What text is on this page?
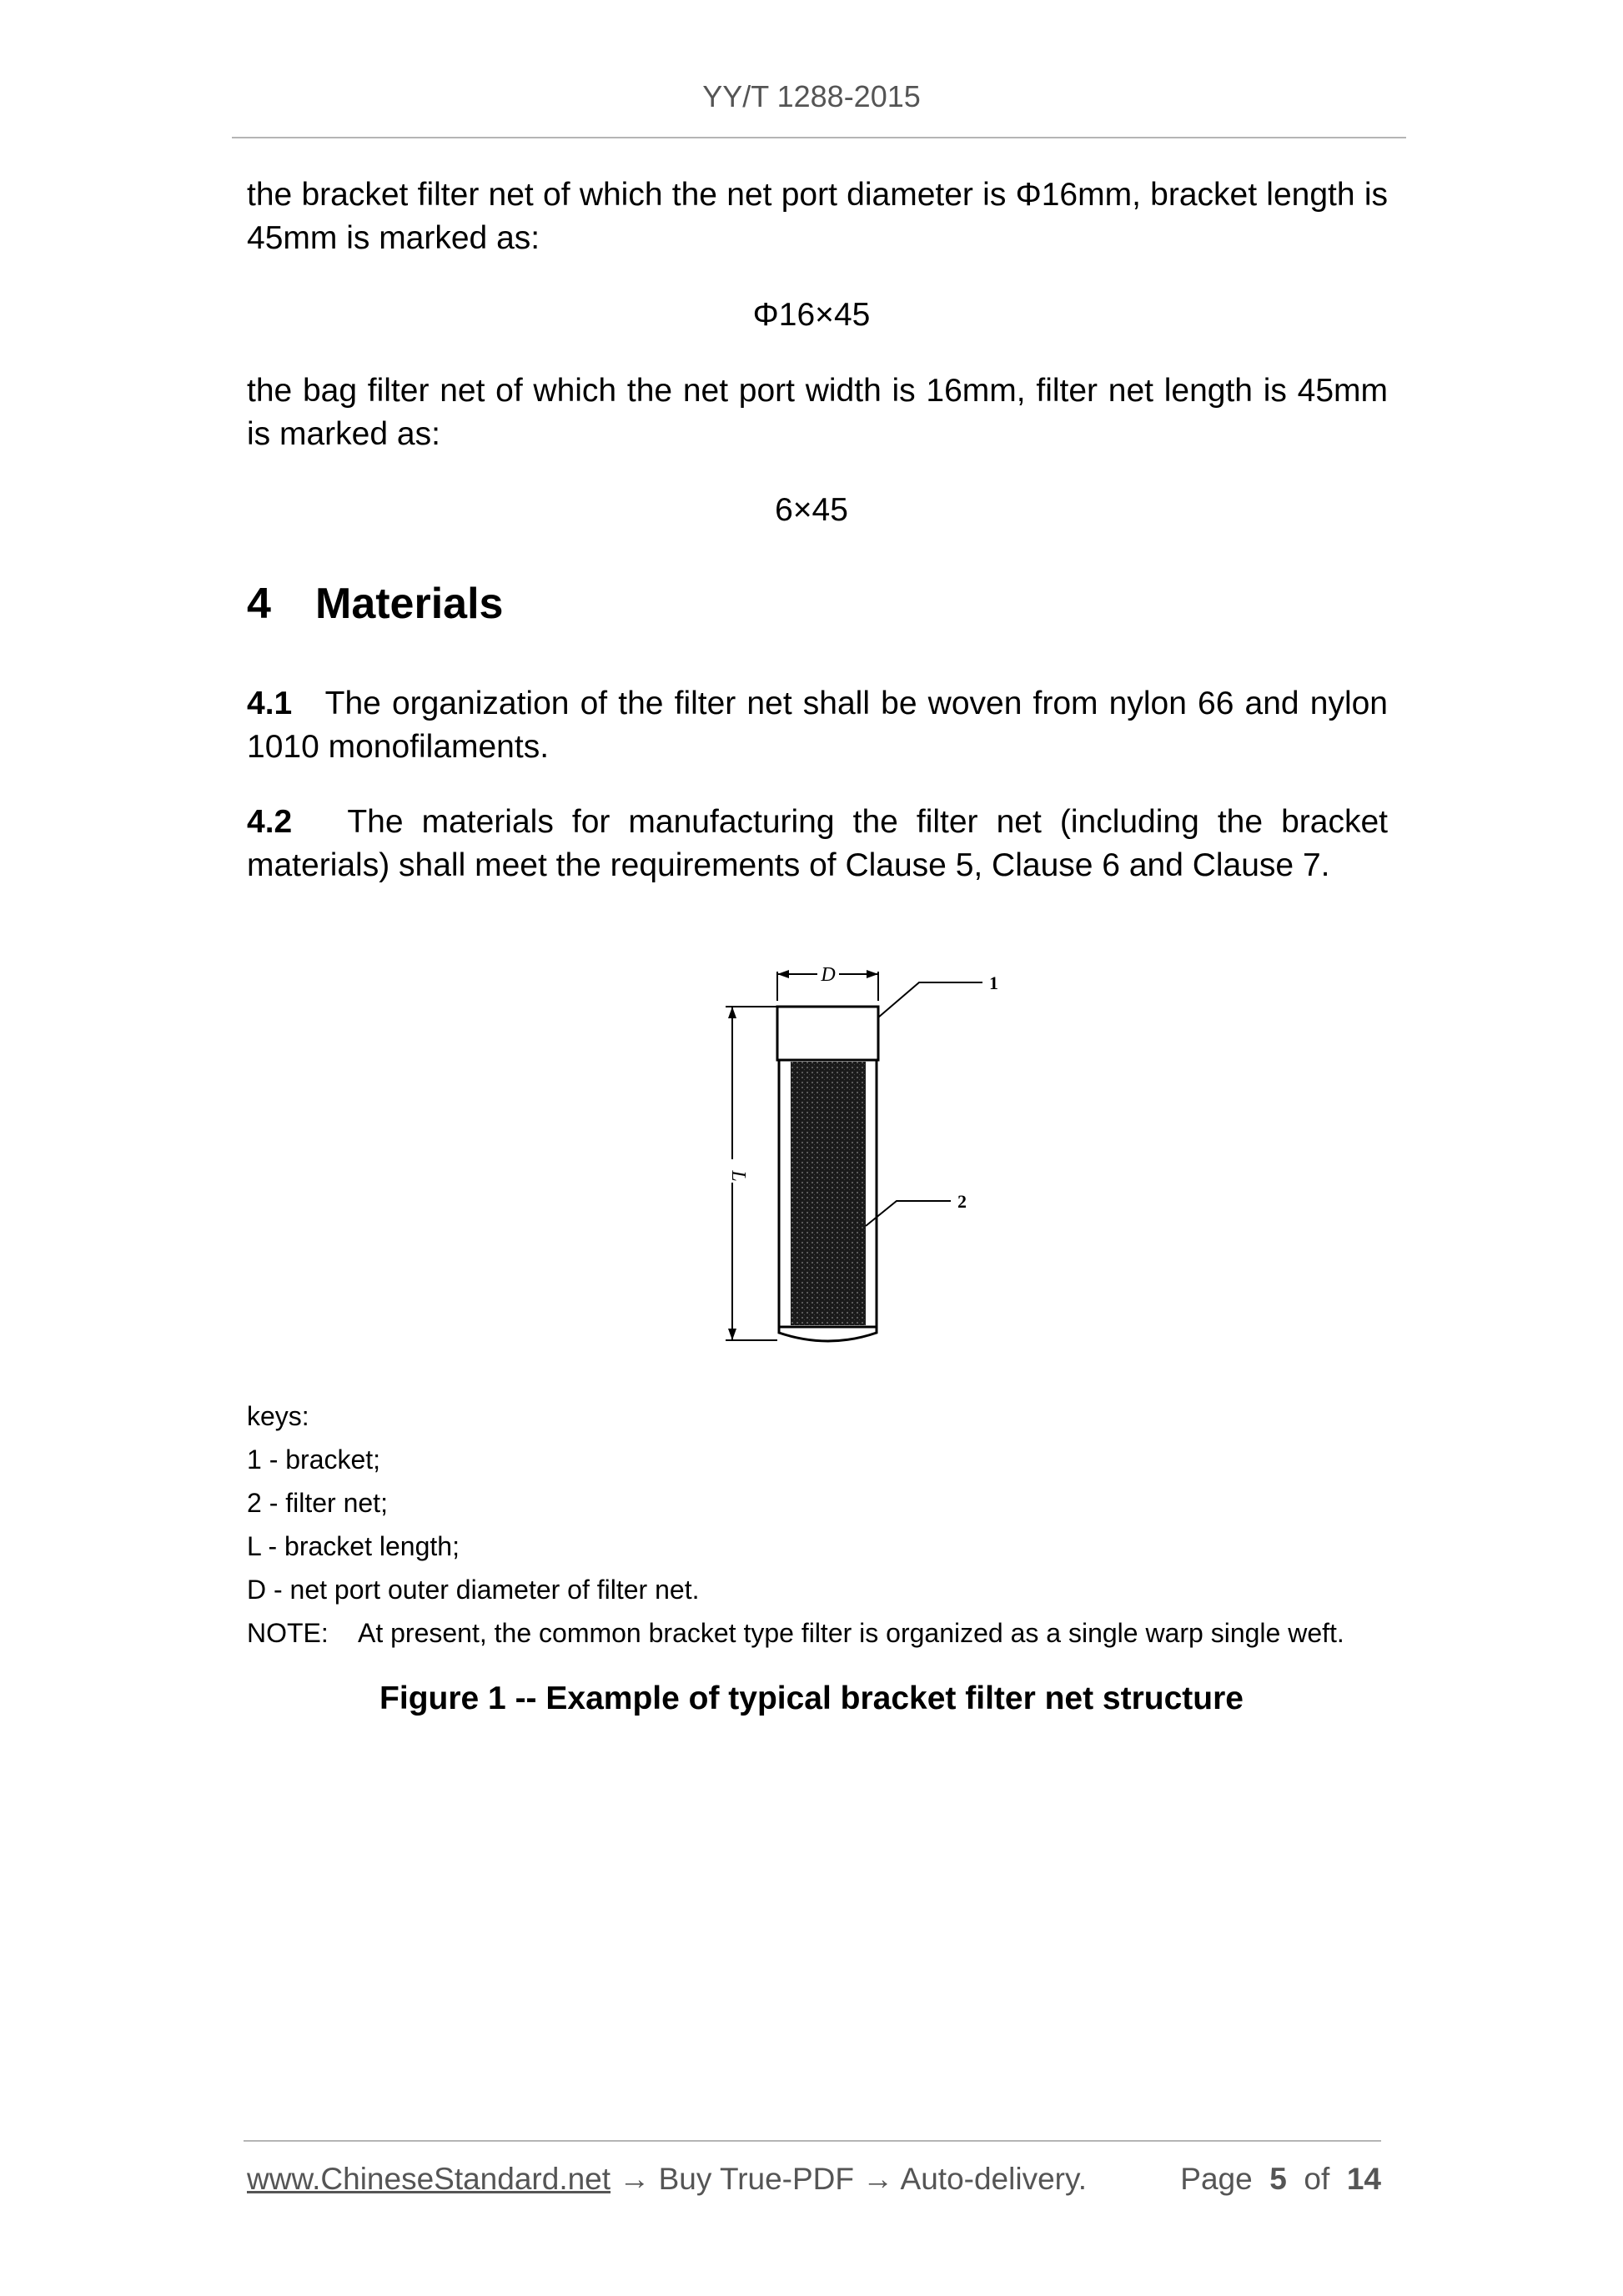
YY/T 1288-2015
the bracket filter net of which the net port diameter is Φ16mm, bracket length is 45mm is marked as:
Φ16×45
the bag filter net of which the net port width is 16mm, filter net length is 45mm is marked as:
6×45
4 Materials
4.1 The organization of the filter net shall be woven from nylon 66 and nylon 1010 monofilaments.
4.2 The materials for manufacturing the filter net (including the bracket materials) shall meet the requirements of Clause 5, Clause 6 and Clause 7.
D
L
1
2
keys:
1 - bracket;
2 - filter net;
L - bracket length;
D - net port outer diameter of filter net.
NOTE: At present, the common bracket type filter is organized as a single warp single weft.
Figure 1 -- Example of typical bracket filter net structure
www.ChineseStandard.net → Buy True-PDF → Auto-delivery.	Page 5 of 14
